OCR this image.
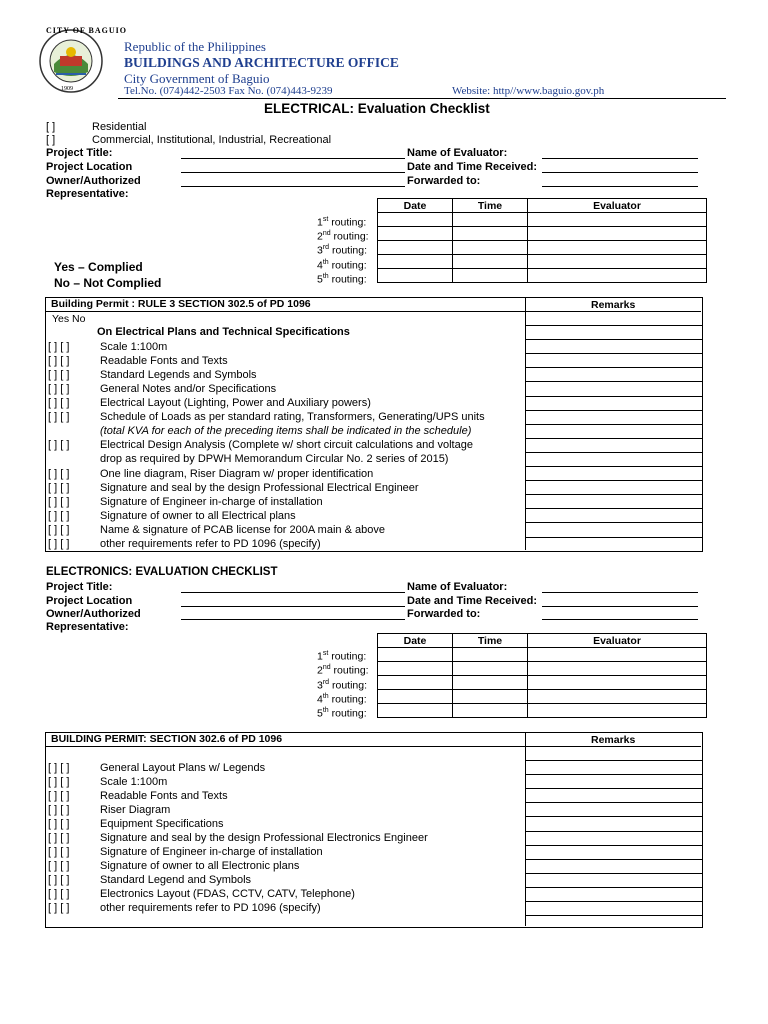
CITY OF BAGUIO
1909
Republic of the Philippines
BUILDINGS AND ARCHITECTURE OFFICE
City Government of Baguio
Tel.No. (074)442-2503 Fax No. (074)443-9239	Website: http//www.baguio.gov.ph
ELECTRICAL: Evaluation Checklist
[ ]	Residential
[ ]	Commercial, Institutional, Industrial, Recreational
Project Title:
Project Location
Owner/Authorized
Representative:
Name of Evaluator:
Date and Time Received:
Forwarded to:
Date	Time	Evaluator

1st routing:
2nd routing:
3rd routing:
4th routing:
5th routing:
Yes – Complied
No – Not Complied
Building Permit : RULE 3 SECTION 302.5 of PD 1096	Remarks
Yes No
On Electrical Plans and Technical Specifications
[ ] [ ]	Scale 1:100m
[ ] [ ]	Readable Fonts and Texts
[ ] [ ]	Standard Legends and Symbols
[ ] [ ]	General Notes and/or Specifications
[ ] [ ]	Electrical Layout (Lighting, Power and Auxiliary powers)
[ ] [ ]	Schedule of Loads as per standard rating, Transformers, Generating/UPS units
(total KVA for each of the preceding items shall be indicated in the schedule)
[ ] [ ]	Electrical Design Analysis (Complete w/ short circuit calculations and voltage
drop as required by DPWH Memorandum Circular No. 2 series of 2015)
[ ] [ ]	One line diagram, Riser Diagram w/ proper identification
[ ] [ ]	Signature and seal by the design Professional Electrical Engineer
[ ] [ ]	Signature of Engineer in-charge of installation
[ ] [ ]	Signature of owner to all Electrical plans
[ ] [ ]	Name & signature of PCAB license for 200A main & above
[ ] [ ]	other requirements refer to PD 1096 (specify)
ELECTRONICS: EVALUATION CHECKLIST
Project Title:
Project Location
Owner/Authorized
Representative:
Name of Evaluator:
Date and Time Received:
Forwarded to:
Date	Time	Evaluator

1st routing:
2nd routing:
3rd routing:
4th routing:
5th routing:
BUILDING PERMIT: SECTION 302.6 of PD 1096	Remarks
[ ] [ ]	General Layout Plans w/ Legends
[ ] [ ]	Scale 1:100m
[ ] [ ]	Readable Fonts and Texts
[ ] [ ]	Riser Diagram
[ ] [ ]	Equipment Specifications
[ ] [ ]	Signature and seal by the design Professional Electronics Engineer
[ ] [ ]	Signature of Engineer in-charge of installation
[ ] [ ]	Signature of owner to all Electronic plans
[ ] [ ]	Standard Legend and Symbols
[ ] [ ]	Electronics Layout (FDAS, CCTV, CATV, Telephone)
[ ] [ ]	other requirements refer to PD 1096 (specify)
